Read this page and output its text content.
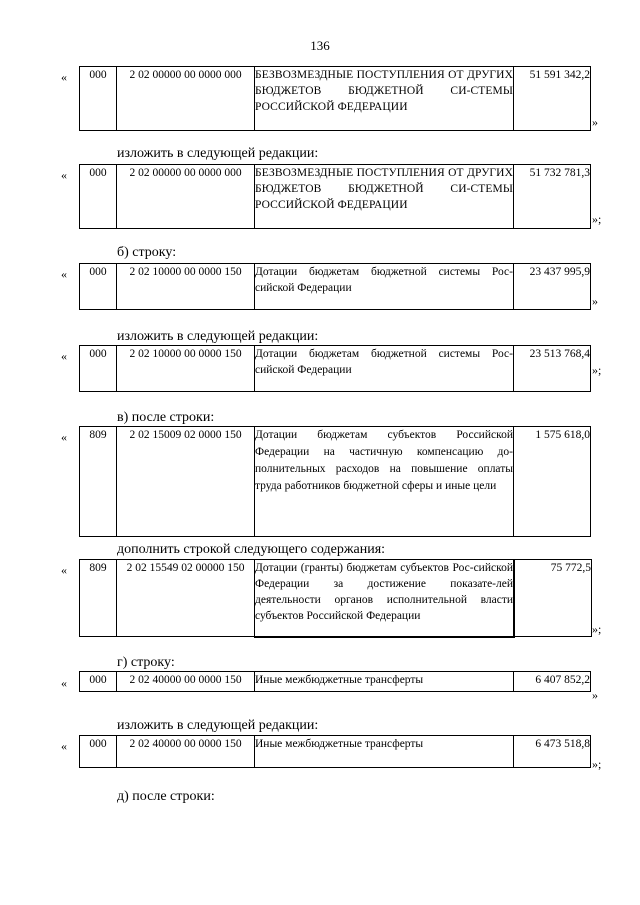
136
« 000	2 02 00000 00 0000 000	БЕЗВОЗМЕЗДНЫЕ ПОСТУПЛЕНИЯ ОТ ДРУГИХ БЮДЖЕТОВ БЮДЖЕТНОЙ СИ-СТЕМЫ РОССИЙСКОЙ ФЕДЕРАЦИИ	51 591 342,2
»
изложить в следующей редакции:
« 000	2 02 00000 00 0000 000	БЕЗВОЗМЕЗДНЫЕ ПОСТУПЛЕНИЯ ОТ ДРУГИХ БЮДЖЕТОВ БЮДЖЕТНОЙ СИ-СТЕМЫ РОССИЙСКОЙ ФЕДЕРАЦИИ	51 732 781,3
»;
б) строку:
« 000	2 02 10000 00 0000 150	Дотации бюджетам бюджетной системы Рос-сийской Федерации	23 437 995,9
»
изложить в следующей редакции:
« 000	2 02 10000 00 0000 150	Дотации бюджетам бюджетной системы Рос-сийской Федерации	23 513 768,4
»;
в) после строки:
« 809	2 02 15009 02 0000 150	Дотации бюджетам субъектов Российской Федерации на частичную компенсацию до-полнительных расходов на повышение оплаты труда работников бюджетной сферы и иные цели	1 575 618,0
дополнить строкой следующего содержания:
« 809	2 02 15549 02 00000 150	Дотации (гранты) бюджетам субъектов Рос-сийской Федерации за достижение показате-лей деятельности органов исполнительной власти субъектов Российской Федерации	75 772,5
»;
г) строку:
« 000	2 02 40000 00 0000 150	Иные межбюджетные трансферты	6 407 852,2
»
изложить в следующей редакции:
« 000	2 02 40000 00 0000 150	Иные межбюджетные трансферты	6 473 518,8
»;
д) после строки:
